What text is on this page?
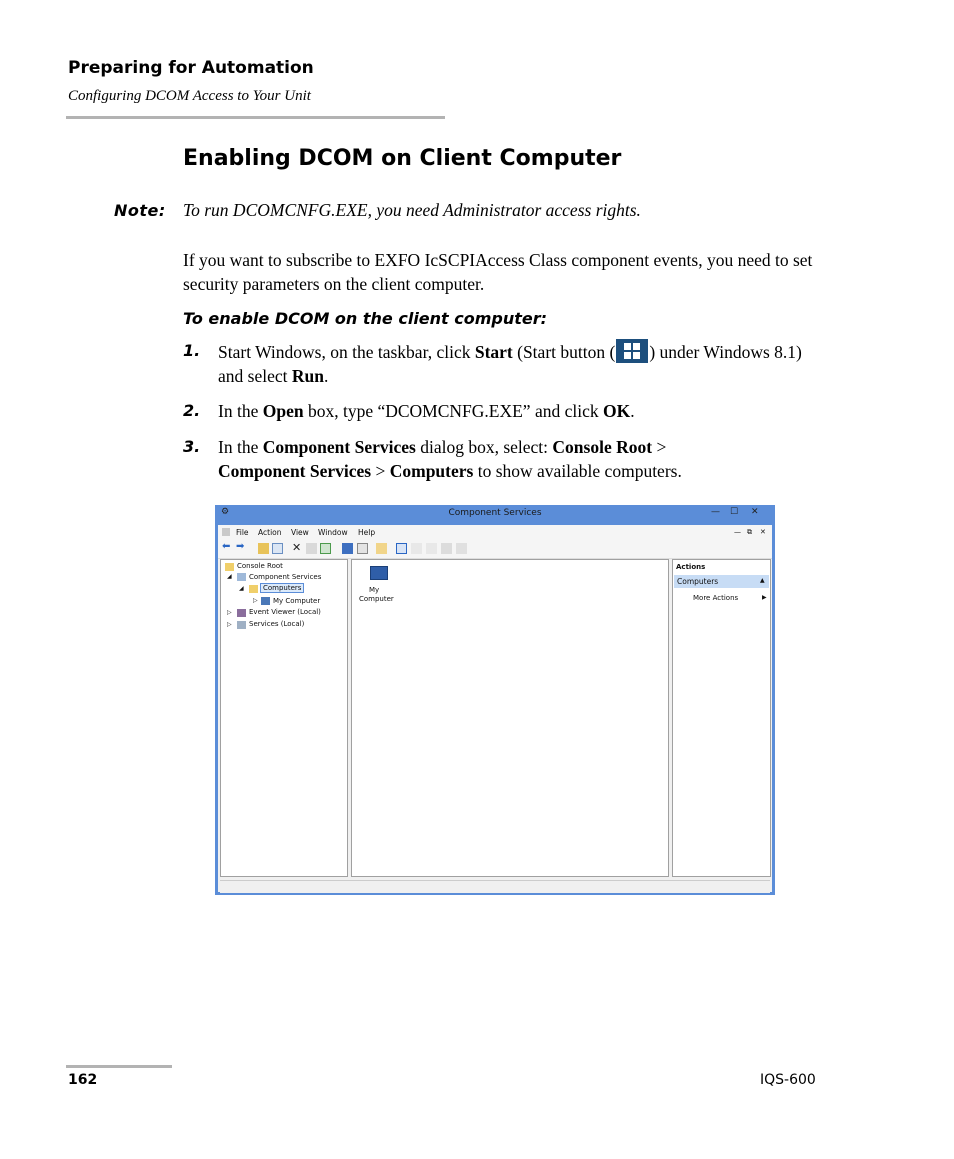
Preparing for Automation
Configuring DCOM Access to Your Unit
Enabling DCOM on Client Computer
Note: To run DCOMCNFG.EXE, you need Administrator access rights.
If you want to subscribe to EXFO IcSCPIAccess Class component events, you need to set security parameters on the client computer.
To enable DCOM on the client computer:
1. Start Windows, on the taskbar, click Start (Start button ( ) under Windows 8.1) and select Run.
2. In the Open box, type “DCOMCNFG.EXE” and click OK.
3. In the Component Services dialog box, select: Console Root >
Component Services > Computers to show available computers.
⚙	Component Services	— ☐ ✕
File Action View Window Help	— ⧉ ✕
⬅ ➡	✕
Console Root
◢ Component Services
◢	Computers
▷ My Computer
▷ Event Viewer (Local)
▷ Services (Local)
My
Computer
Actions
Computers	▲
More Actions	▶
162	IQS-600
